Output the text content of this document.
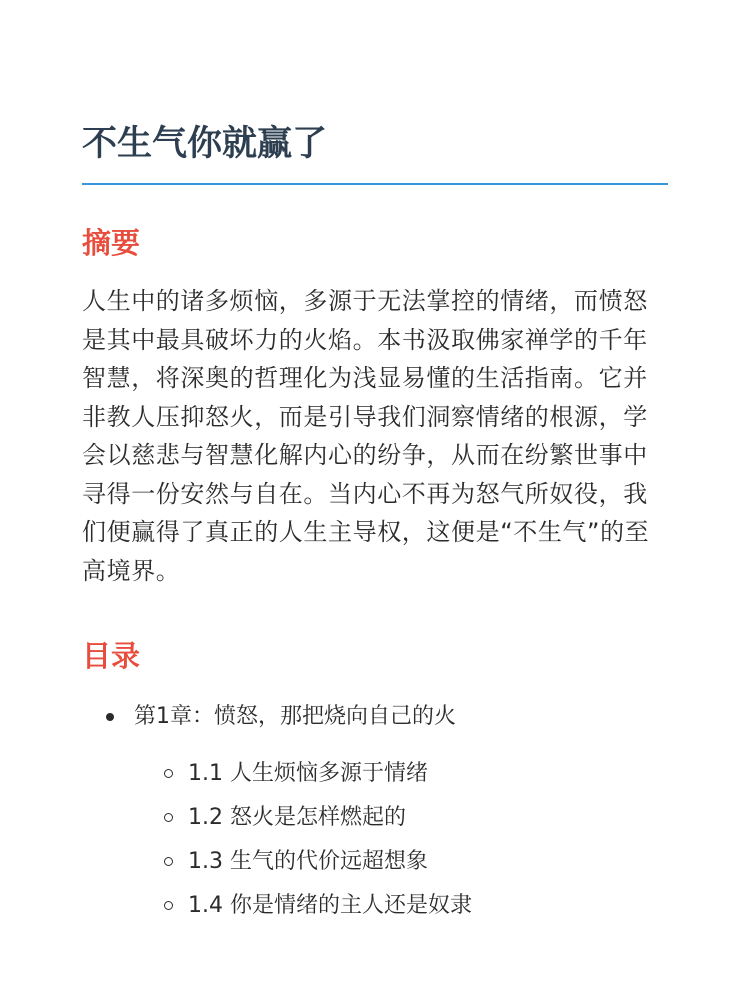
不生气你就赢了
摘要

人生中的诸多烦恼，多源于无法掌控的情绪，而愤怒是其中最具破坏力的火焰。本书汲取佛家禅学的千年智慧，将深奥的哲理化为浅显易懂的生活指南。它并非教人压抑怒火，而是引导我们洞察情绪的根源，学会以慈悲与智慧化解内心的纷争，从而在纷繁世事中寻得一份安然与自在。当内心不再为怒气所奴役，我们便赢得了真正的人生主导权，这便是“不生气”的至高境界。

目录
第1章：愤怒，那把烧向自己的火
1.1 人生烦恼多源于情绪
1.2 怒火是怎样燃起的
1.3 生气的代价远超想象
1.4 你是情绪的主人还是奴隶
